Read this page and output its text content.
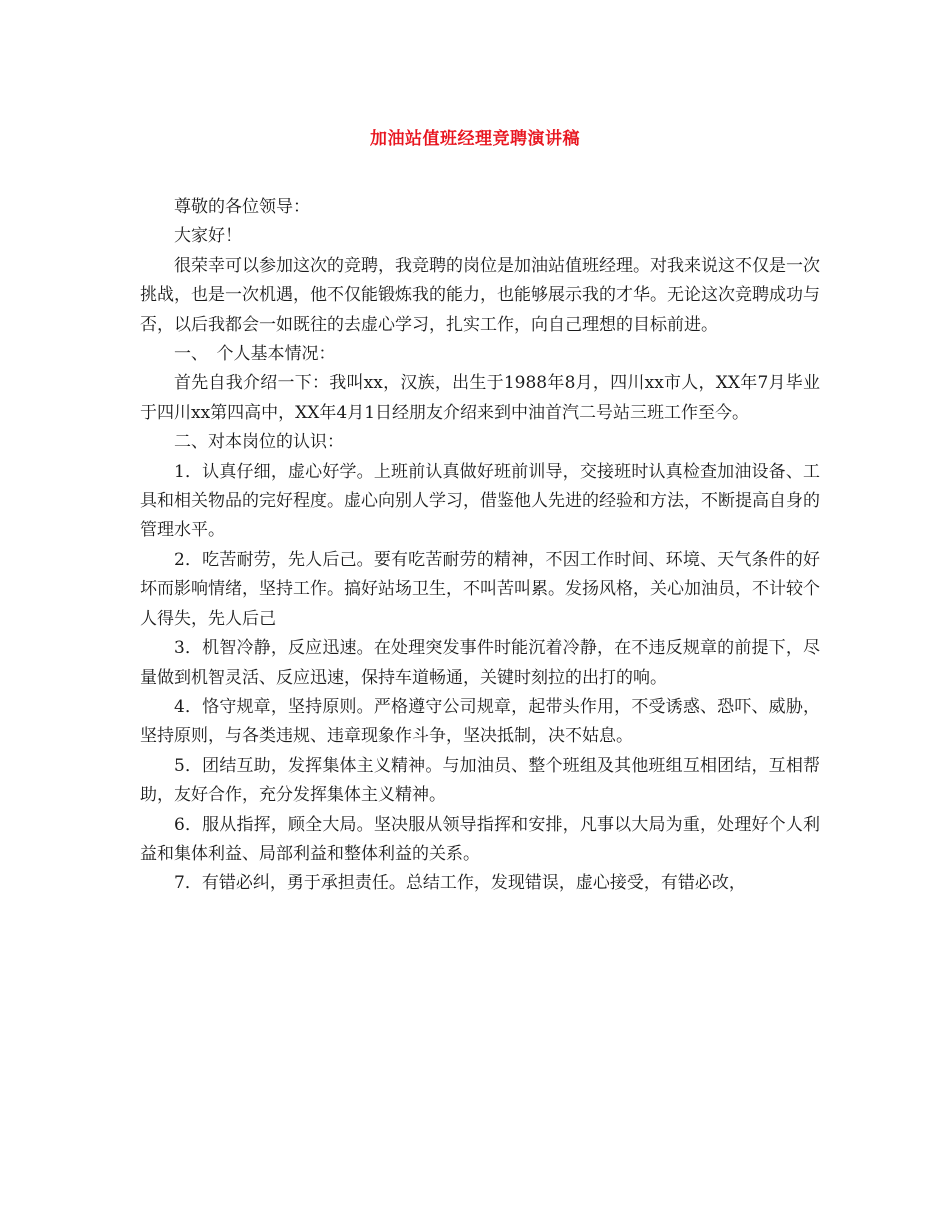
加油站值班经理竞聘演讲稿

尊敬的各位领导：

大家好！

很荣幸可以参加这次的竞聘，我竞聘的岗位是加油站值班经理。对我来说这不仅是一次挑战，也是一次机遇，他不仅能锻炼我的能力，也能够展示我的才华。无论这次竞聘成功与否，以后我都会一如既往的去虚心学习，扎实工作，向自己理想的目标前进。

一、　个人基本情况：

首先自我介绍一下：我叫xx，汉族，出生于1988年8月，四川xx市人，XX年7月毕业于四川xx第四高中，XX年4月1日经朋友介绍来到中油首汽二号站三班工作至今。

二、对本岗位的认识：

1．认真仔细，虚心好学。上班前认真做好班前训导，交接班时认真检查加油设备、工具和相关物品的完好程度。虚心向别人学习，借鉴他人先进的经验和方法，不断提高自身的管理水平。

2．吃苦耐劳，先人后己。要有吃苦耐劳的精神，不因工作时间、环境、天气条件的好坏而影响情绪，坚持工作。搞好站场卫生，不叫苦叫累。发扬风格，关心加油员，不计较个人得失，先人后己

3．机智冷静，反应迅速。在处理突发事件时能沉着冷静，在不违反规章的前提下，尽量做到机智灵活、反应迅速，保持车道畅通，关键时刻拉的出打的响。

4．恪守规章，坚持原则。严格遵守公司规章，起带头作用，不受诱惑、恐吓、威胁，坚持原则，与各类违规、违章现象作斗争，坚决抵制，决不姑息。

5．团结互助，发挥集体主义精神。与加油员、整个班组及其他班组互相团结，互相帮助，友好合作，充分发挥集体主义精神。

6．服从指挥，顾全大局。坚决服从领导指挥和安排，凡事以大局为重，处理好个人利益和集体利益、局部利益和整体利益的关系。

7．有错必纠，勇于承担责任。总结工作，发现错误，虚心接受，有错必改，
